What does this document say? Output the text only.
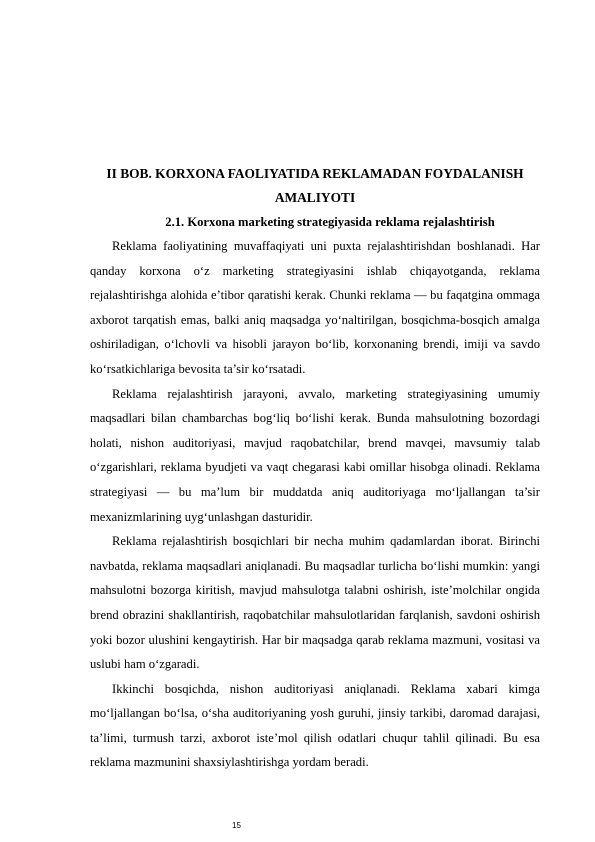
II BOB. KORXONA FAOLIYATIDA REKLAMADAN FOYDALANISH AMALIYOTI
2.1. Korxona marketing strategiyasida reklama rejalashtirish

Reklama faoliyatining muvaffaqiyati uni puxta rejalashtirishdan boshlanadi. Har qanday korxona o‘z marketing strategiyasini ishlab chiqayotganda, reklama rejalashtirishga alohida e’tibor qaratishi kerak. Chunki reklama — bu faqatgina ommaga axborot tarqatish emas, balki aniq maqsadga yo‘naltirilgan, bosqichma-bosqich amalga oshiriladigan, o‘lchovli va hisobli jarayon bo‘lib, korxonaning brendi, imiji va savdo ko‘rsatkichlariga bevosita ta’sir ko‘rsatadi.

Reklama rejalashtirish jarayoni, avvalo, marketing strategiyasining umumiy maqsadlari bilan chambarchas bog‘liq bo‘lishi kerak. Bunda mahsulotning bozordagi holati, nishon auditoriyasi, mavjud raqobatchilar, brend mavqei, mavsumiy talab o‘zgarishlari, reklama byudjeti va vaqt chegarasi kabi omillar hisobga olinadi. Reklama strategiyasi — bu ma’lum bir muddatda aniq auditoriyaga mo‘ljallangan ta’sir mexanizmlarining uyg‘unlashgan dasturidir.

Reklama rejalashtirish bosqichlari bir necha muhim qadamlardan iborat. Birinchi navbatda, reklama maqsadlari aniqlanadi. Bu maqsadlar turlicha bo‘lishi mumkin: yangi mahsulotni bozorga kiritish, mavjud mahsulotga talabni oshirish, iste’molchilar ongida brend obrazini shakllantirish, raqobatchilar mahsulotlaridan farqlanish, savdoni oshirish yoki bozor ulushini kengaytirish. Har bir maqsadga qarab reklama mazmuni, vositasi va uslubi ham o‘zgaradi.

Ikkinchi bosqichda, nishon auditoriyasi aniqlanadi. Reklama xabari kimga mo‘ljallangan bo‘lsa, o‘sha auditoriyaning yosh guruhi, jinsiy tarkibi, daromad darajasi, ta’limi, turmush tarzi, axborot iste’mol qilish odatlari chuqur tahlil qilinadi. Bu esa reklama mazmunini shaxsiylashtirishga yordam beradi.

15
